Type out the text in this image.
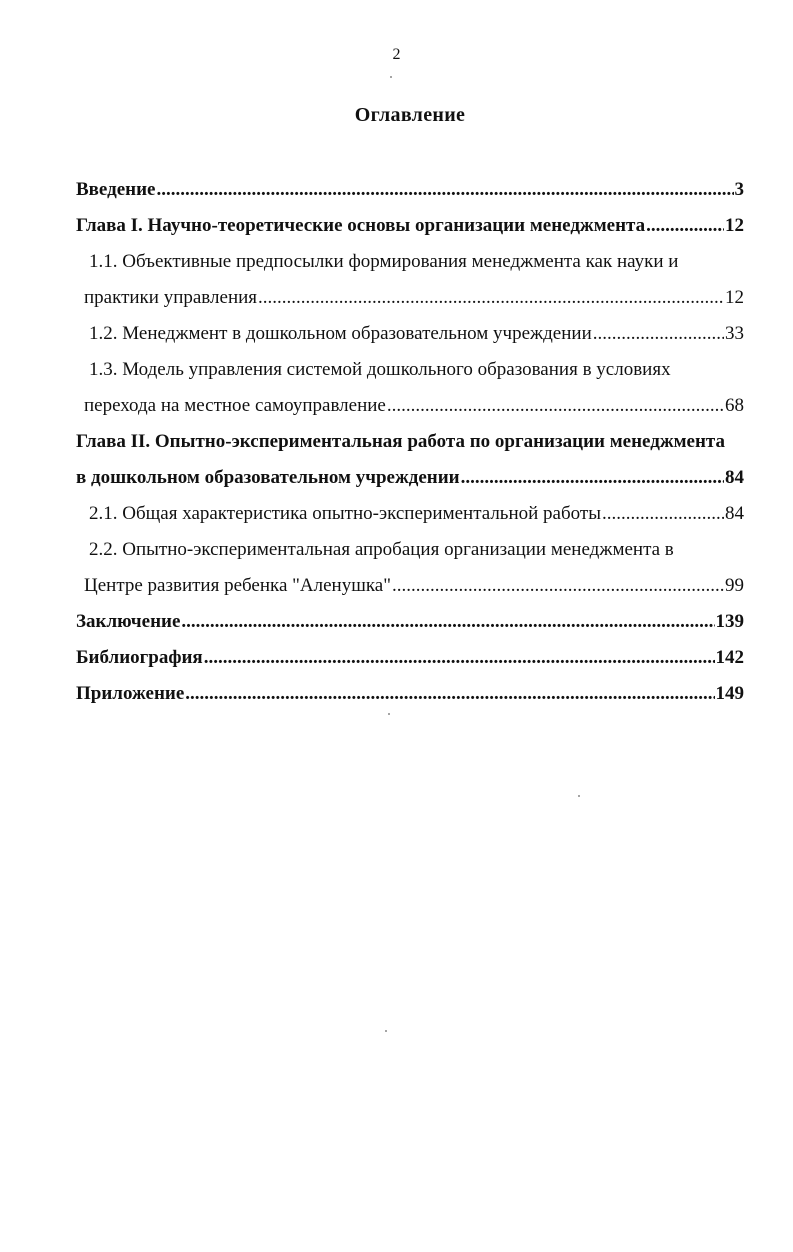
2
Оглавление
Введение .....	3
Глава I. Научно-теоретические основы организации менеджмента .....	12
1.1. Объективные предпосылки формирования менеджмента как науки и
практики управления .....	12
1.2. Менеджмент в дошкольном образовательном учреждении .....	33
1.3. Модель управления системой дошкольного образования в условиях
перехода на местное самоуправление .....	68
Глава II. Опытно-экспериментальная работа по организации менеджмента
в дошкольном образовательном учреждении .....	84
2.1. Общая характеристика опытно-экспериментальной работы .....	84
2.2. Опытно-экспериментальная апробация организации менеджмента в
Центре развития ребенка "Аленушка" .....	99
Заключение .....	139
Библиография .....	142
Приложение .....	149
